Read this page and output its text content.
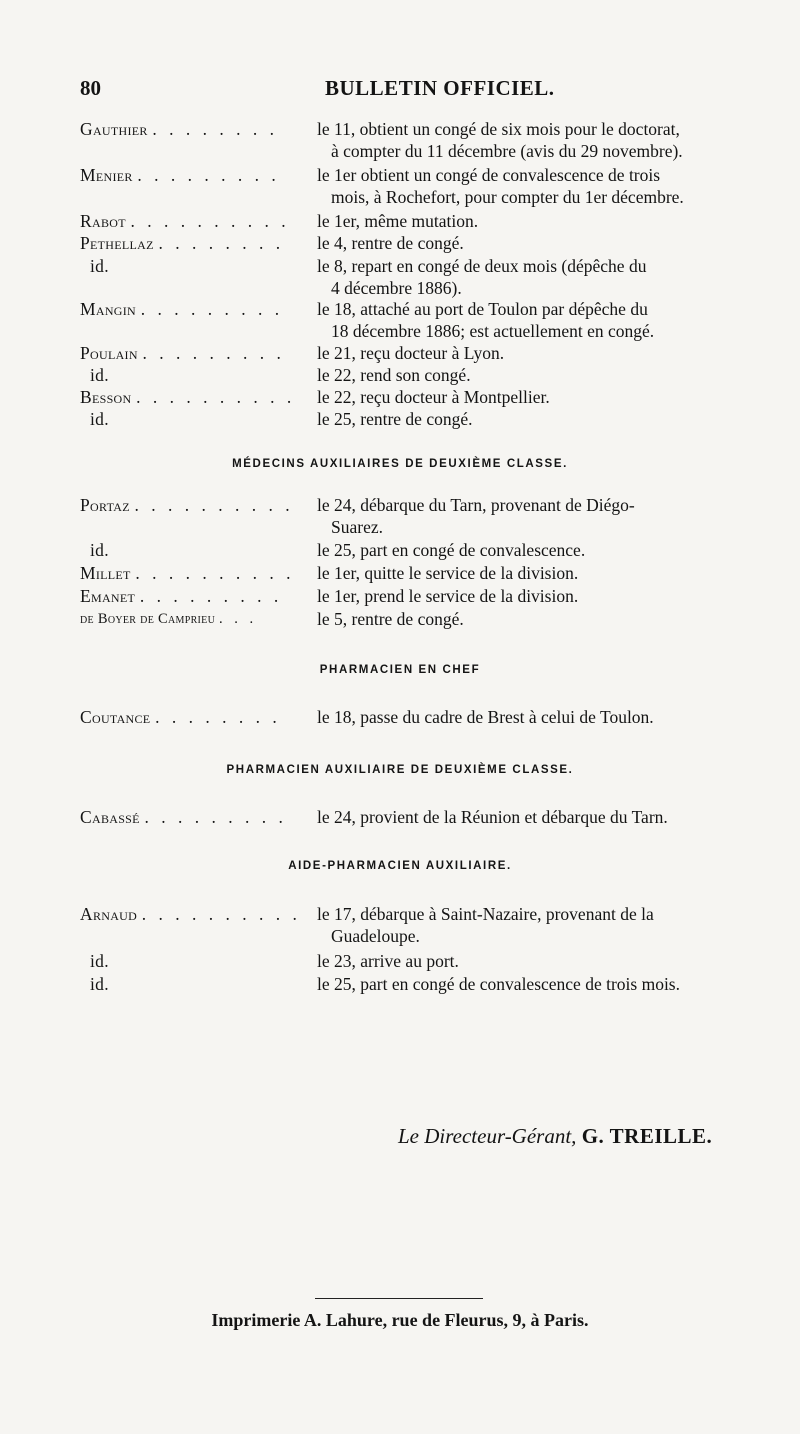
80	BULLETIN OFFICIEL.
Gauthier . . . . . . . . le 11, obtient un congé de six mois pour le doctorat,
à compter du 11 décembre (avis du 29 novembre).
Menier . . . . . . . . . le 1er obtient un congé de convalescence de trois
mois, à Rochefort, pour compter du 1er décembre.
Rabot . . . . . . . . . . le 1er, même mutation.
Pethellaz . . . . . . . . le 4, rentre de congé.
id.	le 8, repart en congé de deux mois (dépêche du
4 décembre 1886).
Mangin . . . . . . . . . le 18, attaché au port de Toulon par dépêche du
18 décembre 1886; est actuellement en congé.
Poulain . . . . . . . . . le 21, reçu docteur à Lyon.
id.	le 22, rend son congé.
Besson . . . . . . . . . . le 22, reçu docteur à Montpellier.
id.	le 25, rentre de congé.
MÉDECINS AUXILIAIRES DE DEUXIÈME CLASSE.
Portaz . . . . . . . . . . le 24, débarque du Tarn, provenant de Diégo-
Suarez.
id.	le 25, part en congé de convalescence.
Millet . . . . . . . . . . le 1er, quitte le service de la division.
Emanet . . . . . . . . . le 1er, prend le service de la division.
de Boyer de Camprieu . . .	le 5, rentre de congé.
PHARMACIEN EN CHEF
Coutance . . . . . . . . le 18, passe du cadre de Brest à celui de Toulon.
PHARMACIEN AUXILIAIRE DE DEUXIÈME CLASSE.
Cabassé . . . . . . . . . le 24, provient de la Réunion et débarque du Tarn.
AIDE-PHARMACIEN AUXILIAIRE.
Arnaud . . . . . . . . . . le 17, débarque à Saint-Nazaire, provenant de la
Guadeloupe.
id.	le 23, arrive au port.
id.	le 25, part en congé de convalescence de trois mois.
Le Directeur-Gérant, G. TREILLE.
Imprimerie A. Lahure, rue de Fleurus, 9, à Paris.
